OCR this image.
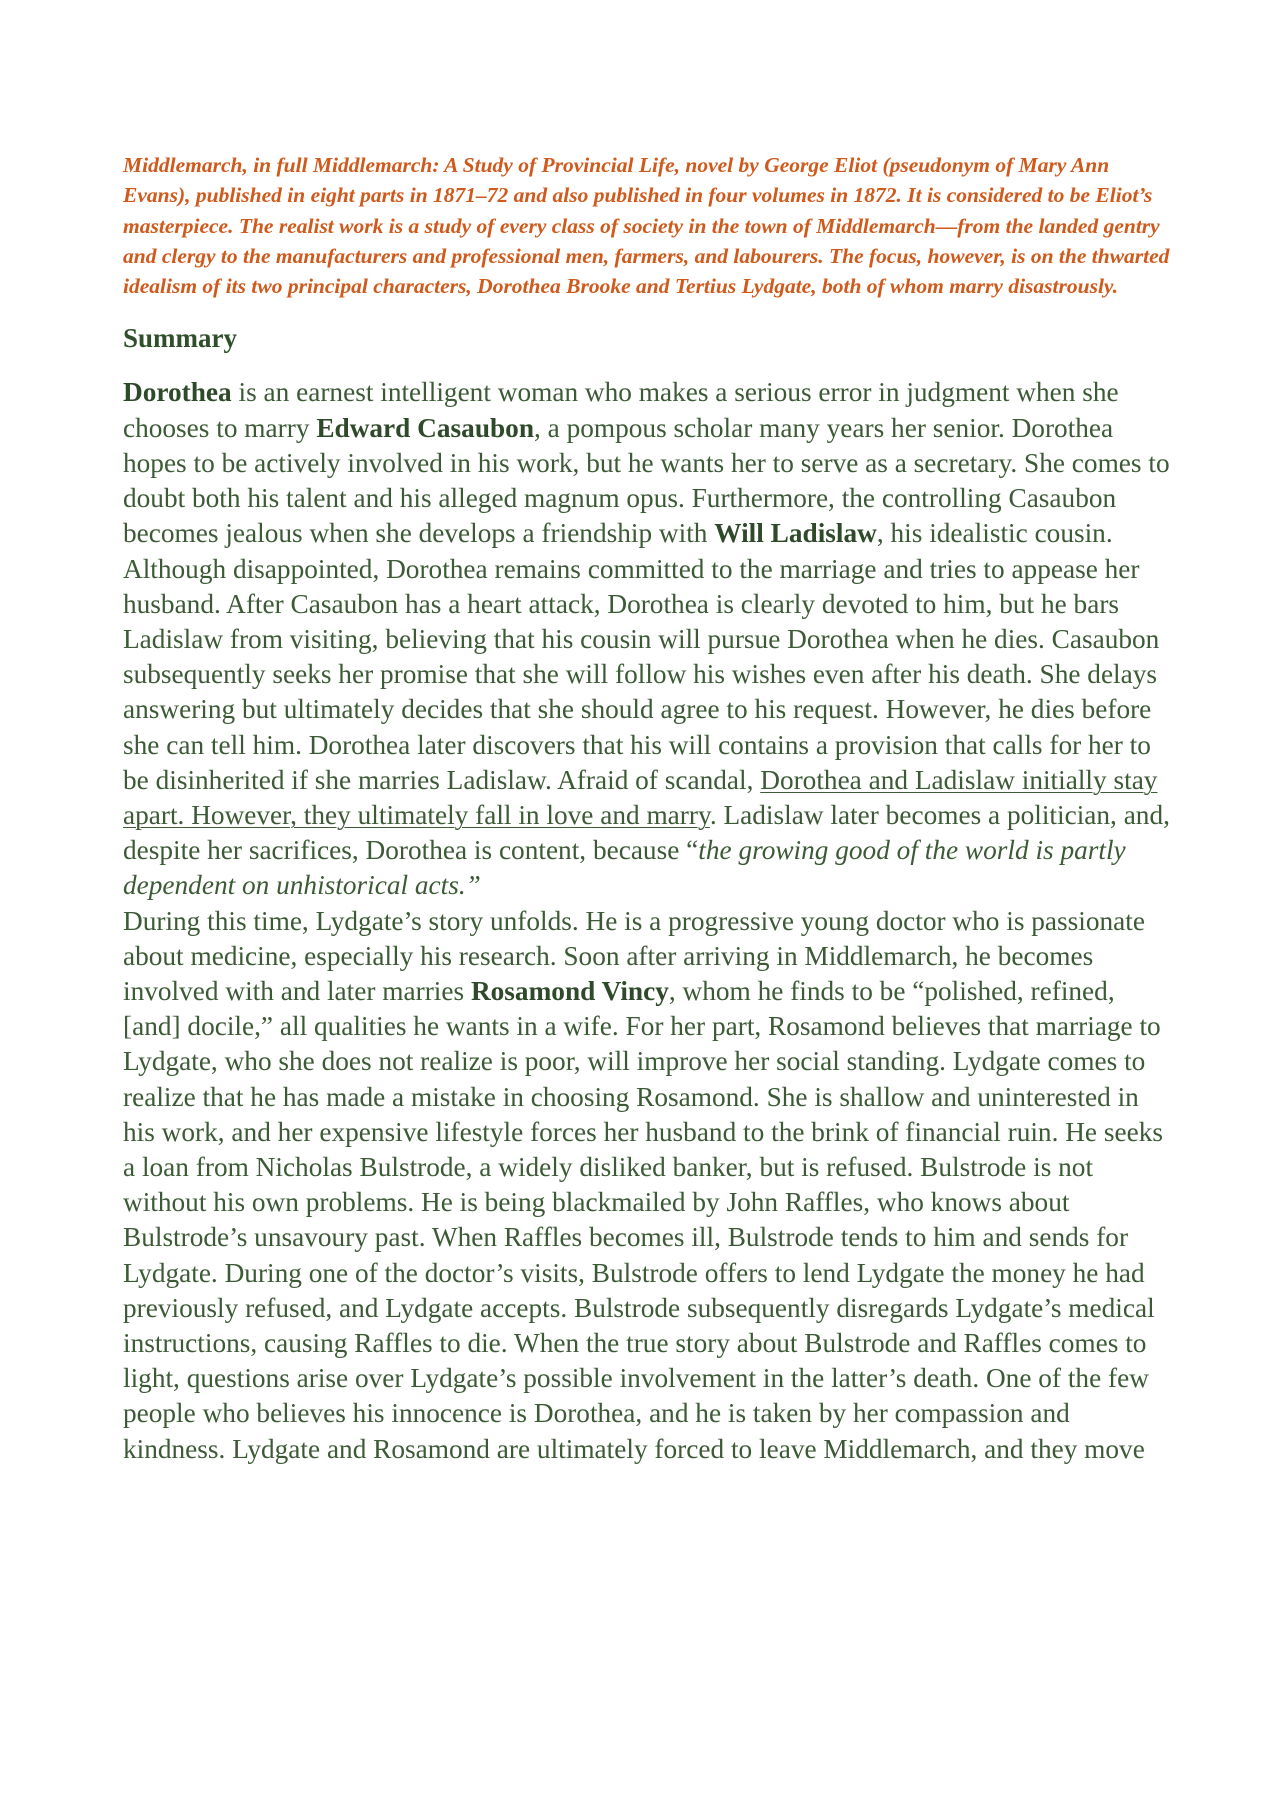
Middlemarch, in full Middlemarch: A Study of Provincial Life, novel by George Eliot (pseudonym of Mary Ann Evans), published in eight parts in 1871–72 and also published in four volumes in 1872. It is considered to be Eliot’s masterpiece. The realist work is a study of every class of society in the town of Middlemarch—from the landed gentry and clergy to the manufacturers and professional men, farmers, and labourers. The focus, however, is on the thwarted idealism of its two principal characters, Dorothea Brooke and Tertius Lydgate, both of whom marry disastrously.

Summary

Dorothea is an earnest intelligent woman who makes a serious error in judgment when she chooses to marry Edward Casaubon, a pompous scholar many years her senior. Dorothea hopes to be actively involved in his work, but he wants her to serve as a secretary. She comes to doubt both his talent and his alleged magnum opus. Furthermore, the controlling Casaubon becomes jealous when she develops a friendship with Will Ladislaw, his idealistic cousin. Although disappointed, Dorothea remains committed to the marriage and tries to appease her husband. After Casaubon has a heart attack, Dorothea is clearly devoted to him, but he bars Ladislaw from visiting, believing that his cousin will pursue Dorothea when he dies. Casaubon subsequently seeks her promise that she will follow his wishes even after his death. She delays answering but ultimately decides that she should agree to his request. However, he dies before she can tell him. Dorothea later discovers that his will contains a provision that calls for her to be disinherited if she marries Ladislaw. Afraid of scandal, Dorothea and Ladislaw initially stay apart. However, they ultimately fall in love and marry. Ladislaw later becomes a politician, and, despite her sacrifices, Dorothea is content, because “the growing good of the world is partly dependent on unhistorical acts.”

During this time, Lydgate’s story unfolds. He is a progressive young doctor who is passionate about medicine, especially his research. Soon after arriving in Middlemarch, he becomes involved with and later marries Rosamond Vincy, whom he finds to be “polished, refined, [and] docile,” all qualities he wants in a wife. For her part, Rosamond believes that marriage to Lydgate, who she does not realize is poor, will improve her social standing. Lydgate comes to realize that he has made a mistake in choosing Rosamond. She is shallow and uninterested in his work, and her expensive lifestyle forces her husband to the brink of financial ruin. He seeks a loan from Nicholas Bulstrode, a widely disliked banker, but is refused. Bulstrode is not without his own problems. He is being blackmailed by John Raffles, who knows about Bulstrode’s unsavoury past. When Raffles becomes ill, Bulstrode tends to him and sends for Lydgate. During one of the doctor’s visits, Bulstrode offers to lend Lydgate the money he had previously refused, and Lydgate accepts. Bulstrode subsequently disregards Lydgate’s medical instructions, causing Raffles to die. When the true story about Bulstrode and Raffles comes to light, questions arise over Lydgate’s possible involvement in the latter’s death. One of the few people who believes his innocence is Dorothea, and he is taken by her compassion and kindness. Lydgate and Rosamond are ultimately forced to leave Middlemarch, and they move
